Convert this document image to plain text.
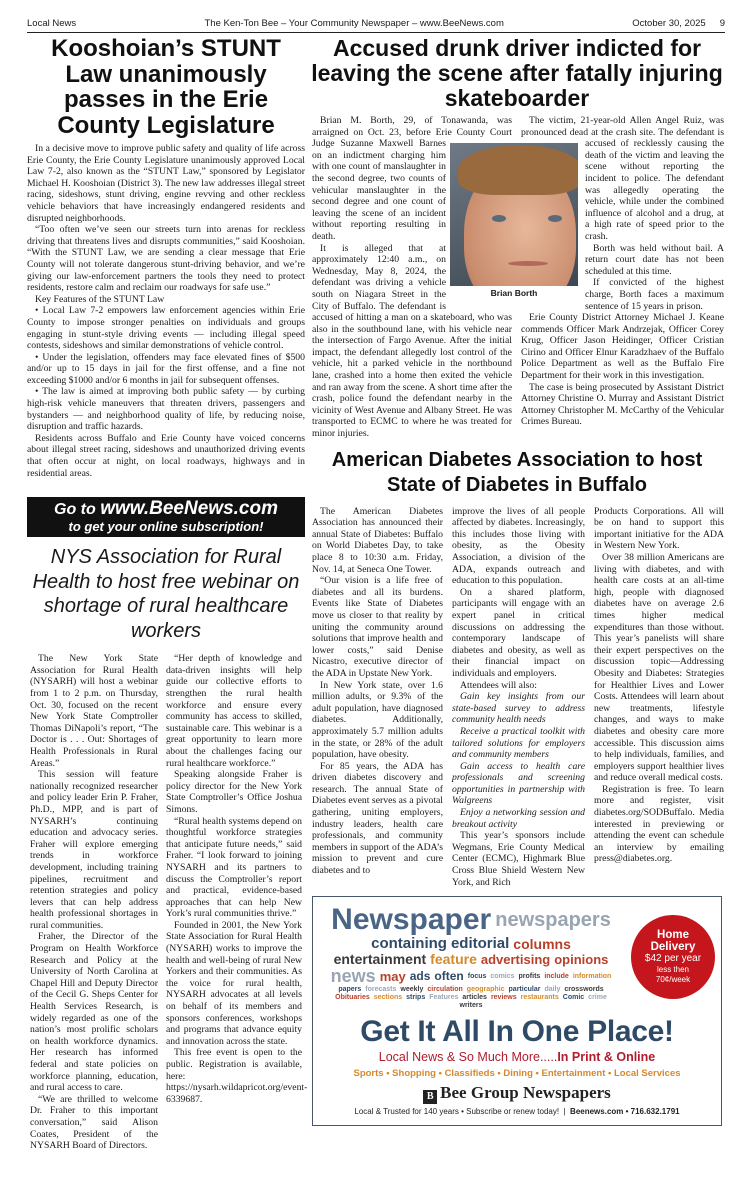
Local News	The Ken-Ton Bee – Your Community Newspaper – www.BeeNews.com	October 30, 2025 9
Kooshoian’s STUNT Law unanimously passes in the Erie County Legislature

In a decisive move to improve public safety and quality of life across Erie County, the Erie County Legislature unanimously approved Local Law 7-2, also known as the “STUNT Law,” sponsored by Legislator Michael H. Kooshoian (District 3). The new law addresses illegal street racing, sideshows, stunt driving, engine revving and other reckless vehicle behaviors that have increasingly endangered residents and disrupted neighborhoods.

“Too often we’ve seen our streets turn into arenas for reckless driving that threatens lives and disrupts communities,” said Kooshoian. “With the STUNT Law, we are sending a clear message that Erie County will not tolerate dangerous stunt-driving behavior, and we’re giving our law-enforcement partners the tools they need to protect residents, restore calm and reclaim our roadways for safe use.”

Key Features of the STUNT Law

• Local Law 7-2 empowers law enforcement agencies within Erie County to impose stronger penalties on individuals and groups engaging in stunt-style driving events — including illegal speed contests, sideshows and similar demonstrations of vehicle control.

• Under the legislation, offenders may face elevated fines of $500 and/or up to 15 days in jail for the first offense, and a fine not exceeding $1000 and/or 6 months in jail for subsequent offenses.

• The law is aimed at improving both public safety — by curbing high-risk vehicle maneuvers that threaten drivers, passengers and bystanders — and neighborhood quality of life, by reducing noise, disruption and traffic hazards.

Residents across Buffalo and Erie County have voiced concerns about illegal street racing, sideshows and unauthorized driving events that often occur at night, on local roadways, highways and in residential areas.

Go to www.BeeNews.com
to get your online subscription!
NYS Association for Rural Health to host free webinar on shortage of rural healthcare workers

The New York State Association for Rural Health (NYSARH) will host a webinar from 1 to 2 p.m. on Thursday, Oct. 30, focused on the recent New York State Comptroller Thomas DiNapoli’s report, “The Doctor is . . . Out: Shortages of Health Professionals in Rural Areas.”

This session will feature nationally recognized researcher and policy leader Erin P. Fraher, Ph.D., MPP, and is part of NYSARH’s continuing education and advocacy series. Fraher will explore emerging trends in workforce development, including training pipelines, recruitment and retention strategies and policy levers that can help address health professional shortages in rural communities.

Fraher, the Director of the Program on Health Workforce Research and Policy at the University of North Carolina at Chapel Hill and Deputy Director of the Cecil G. Sheps Center for Health Services Research, is widely regarded as one of the nation’s most prolific scholars on health workforce dynamics. Her research has informed federal and state policies on workforce planning, education, and rural access to care.

“We are thrilled to welcome Dr. Fraher to this important conversation,” said Alison Coates, President of the NYSARH Board of Directors.

“Her depth of knowledge and data-driven insights will help guide our collective efforts to strengthen the rural health workforce and ensure every community has access to skilled, sustainable care. This webinar is a great opportunity to learn more about the challenges facing our rural healthcare workforce.”

Speaking alongside Fraher is policy director for the New York State Comptroller’s Office Joshua Simons.

“Rural health systems depend on thoughtful workforce strategies that anticipate future needs,” said Fraher. “I look forward to joining NYSARH and its partners to discuss the Comptroller’s report and practical, evidence-based approaches that can help New York’s rural communities thrive.”

Founded in 2001, the New York State Association for Rural Health (NYSARH) works to improve the health and well-being of rural New Yorkers and their communities. As the voice for rural health, NYSARH advocates at all levels on behalf of its members and sponsors conferences, workshops and programs that advance equity and innovation across the state.

This free event is open to the public. Registration is available, here: https://nysarh.wildapricot.org/event-6339687.

Accused drunk driver indicted for leaving the scene after fatally injuring skateboarder

Brian M. Borth, 29, of Tonawanda, was arraigned on Oct. 23, before Erie County Court Judge Suzanne Maxwell Barnes on an indictment charging him with one count of manslaughter in the second degree, two counts of vehicular manslaughter in the second degree and one count of leaving the scene of an incident without reporting resulting in death.

It is alleged that at approximately 12:40 a.m., on Wednesday, May 8, 2024, the defendant was driving a vehicle south on Niagara Street in the City of Buffalo. The defendant is accused of hitting a man on a skateboard, who was also in the southbound lane, with his vehicle near the intersection of Fargo Avenue. After the initial impact, the defendant allegedly lost control of the vehicle, hit a parked vehicle in the northbound lane, crashed into a home then exited the vehicle and ran away from the scene. A short time after the crash, police found the defendant nearby in the vicinity of West Avenue and Albany Street. He was transported to ECMC to where he was treated for minor injuries.

The victim, 21-year-old Allen Angel Ruiz, was pronounced dead at the crash site. The defendant is accused of recklessly causing the death of the victim and leaving the scene without reporting the incident to police. The defendant was allegedly operating the vehicle, while under the combined influence of alcohol and a drug, at a high rate of speed prior to the crash.

Borth was held without bail. A return court date has not been scheduled at this time.

If convicted of the highest charge, Borth faces a maximum sentence of 15 years in prison.

Erie County District Attorney Michael J. Keane commends Officer Mark Andrzejak, Officer Corey Krug, Officer Jason Heidinger, Officer Cristian Cirino and Officer Elnur Karadzhaev of the Buffalo Police Department as well as the Buffalo Fire Department for their work in this investigation.

The case is being prosecuted by Assistant District Attorney Christine O. Murray and Assistant District Attorney Christopher M. McCarthy of the Vehicular Crimes Bureau.

Brian Borth
American Diabetes Association to host State of Diabetes in Buffalo

The American Diabetes Association has announced their annual State of Diabetes: Buffalo on World Diabetes Day, to take place 8 to 10:30 a.m. Friday, Nov. 14, at Seneca One Tower.

“Our vision is a life free of diabetes and all its burdens. Events like State of Diabetes move us closer to that reality by uniting the community around solutions that improve health and lower costs,” said Denise Nicastro, executive director of the ADA in Upstate New York.

In New York state, over 1.6 million adults, or 9.3% of the adult population, have diagnosed diabetes. Additionally, approximately 5.7 million adults in the state, or 28% of the adult population, have obesity.

For 85 years, the ADA has driven diabetes discovery and research. The annual State of Diabetes event serves as a pivotal gathering, uniting employers, industry leaders, health care professionals, and community members in support of the ADA’s mission to prevent and cure diabetes and to

improve the lives of all people affected by diabetes. Increasingly, this includes those living with obesity, as the Obesity Association, a division of the ADA, expands outreach and education to this population.

On a shared platform, participants will engage with an expert panel in critical discussions on addressing the contemporary landscape of diabetes and obesity, as well as their financial impact on individuals and employers.

Attendees will also:

Gain key insights from our state-based survey to address community health needs

Receive a practical toolkit with tailored solutions for employers and community members

Gain access to health care professionals and screening opportunities in partnership with Walgreens

Enjoy a networking session and breakout activity

This year’s sponsors include Wegmans, Erie County Medical Center (ECMC), Highmark Blue Cross Blue Shield Western New York, and Rich

Products Corporations. All will be on hand to support this important initiative for the ADA in Western New York.

Over 38 million Americans are living with diabetes, and with health care costs at an all-time high, people with diagnosed diabetes have on average 2.6 times higher medical expenditures than those without. This year’s panelists will share their expert perspectives on the discussion topic—Addressing Obesity and Diabetes: Strategies for Healthier Lives and Lower Costs. Attendees will learn about new treatments, lifestyle changes, and ways to make diabetes and obesity care more accessible. This discussion aims to help individuals, families, and employers support healthier lives and reduce overall medical costs.

Registration is free. To learn more and register, visit diabetes.org/SODBuffalo. Media interested in previewing or attending the event can schedule an interview by emailing press@diabetes.org.

Newspaper newspapers
containing editorial columns
entertainment feature advertising opinions
news may ads often focus comics profits include information
papers forecasts weekly circulation geographic particular daily crosswords
Obituaries sections strips Features articles reviews restaurants Comic crime
writers
Home Delivery
$42 per year
less then
70¢/week
Get It All In One Place!
Local News & So Much More.....In Print & Online
Sports • Shopping • Classifieds • Dining • Entertainment • Local Services
B Bee Group Newspapers
Local & Trusted for 140 years • Subscribe or renew today!  |  Beenews.com • 716.632.1791
